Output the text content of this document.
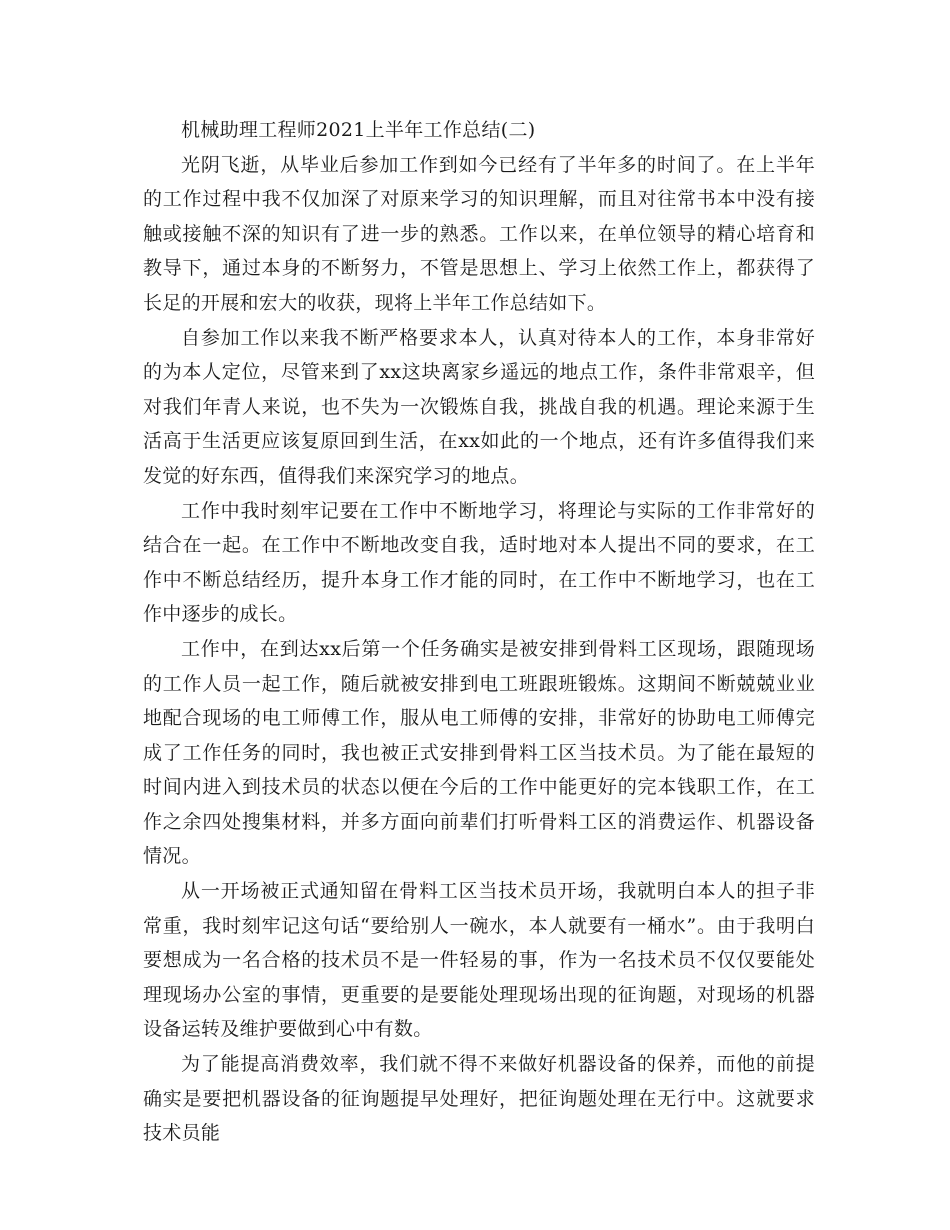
机械助理工程师2021上半年工作总结(二)

光阴飞逝，从毕业后参加工作到如今已经有了半年多的时间了。在上半年的工作过程中我不仅加深了对原来学习的知识理解，而且对往常书本中没有接触或接触不深的知识有了进一步的熟悉。工作以来，在单位领导的精心培育和教导下，通过本身的不断努力，不管是思想上、学习上依然工作上，都获得了长足的开展和宏大的收获，现将上半年工作总结如下。

自参加工作以来我不断严格要求本人，认真对待本人的工作，本身非常好的为本人定位，尽管来到了xx这块离家乡遥远的地点工作，条件非常艰辛，但对我们年青人来说，也不失为一次锻炼自我，挑战自我的机遇。理论来源于生活高于生活更应该复原回到生活，在xx如此的一个地点，还有许多值得我们来发觉的好东西，值得我们来深究学习的地点。

工作中我时刻牢记要在工作中不断地学习，将理论与实际的工作非常好的结合在一起。在工作中不断地改变自我，适时地对本人提出不同的要求，在工作中不断总结经历，提升本身工作才能的同时，在工作中不断地学习，也在工作中逐步的成长。

工作中，在到达xx后第一个任务确实是被安排到骨料工区现场，跟随现场的工作人员一起工作，随后就被安排到电工班跟班锻炼。这期间不断兢兢业业地配合现场的电工师傅工作，服从电工师傅的安排，非常好的协助电工师傅完成了工作任务的同时，我也被正式安排到骨料工区当技术员。为了能在最短的时间内进入到技术员的状态以便在今后的工作中能更好的完本钱职工作，在工作之余四处搜集材料，并多方面向前辈们打听骨料工区的消费运作、机器设备情况。

从一开场被正式通知留在骨料工区当技术员开场，我就明白本人的担子非常重，我时刻牢记这句话“要给别人一碗水，本人就要有一桶水”。由于我明白要想成为一名合格的技术员不是一件轻易的事，作为一名技术员不仅仅要能处理现场办公室的事情，更重要的是要能处理现场出现的征询题，对现场的机器设备运转及维护要做到心中有数。

为了能提高消费效率，我们就不得不来做好机器设备的保养，而他的前提确实是要把机器设备的征询题提早处理好，把征询题处理在无行中。这就要求技术员能
